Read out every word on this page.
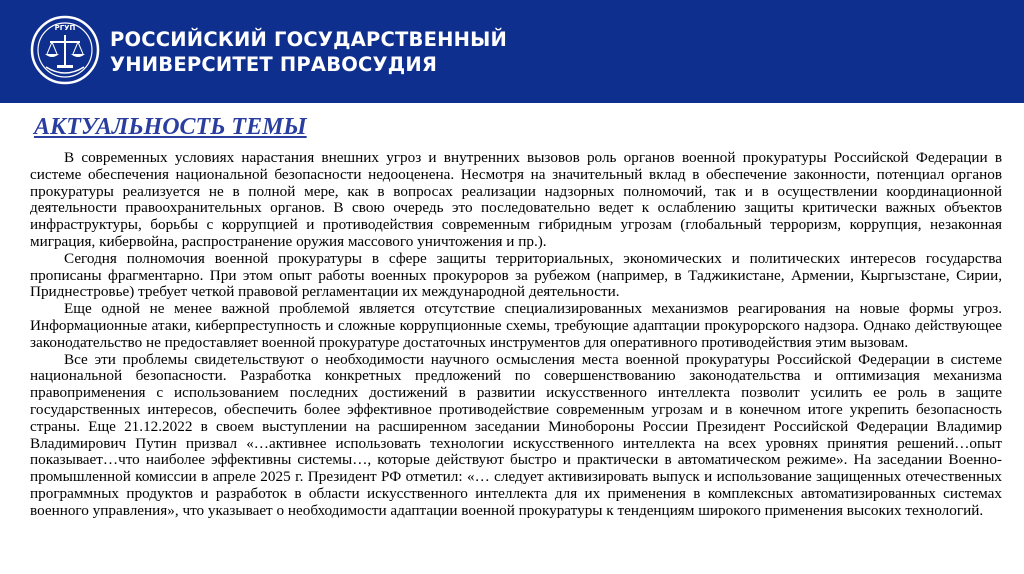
РГУП РОССИЙСКИЙ ГОСУДАРСТВЕННЫЙ
УНИВЕРСИТЕТ ПРАВОСУДИЯ
АКТУАЛЬНОСТЬ ТЕМЫ

В современных условиях нарастания внешних угроз и внутренних вызовов роль органов военной прокуратуры Российской Федерации в системе обеспечения национальной безопасности недооценена. Несмотря на значительный вклад в обеспечение законности, потенциал органов прокуратуры реализуется не в полной мере, как в вопросах реализации надзорных полномочий, так и в осуществлении координационной деятельности правоохранительных органов. В свою очередь это последовательно ведет к ослаблению защиты критически важных объектов инфраструктуры, борьбы с коррупцией и противодействия современным гибридным угрозам (глобальный терроризм, коррупция, незаконная миграция, кибервойна, распространение оружия массового уничтожения и пр.).

Сегодня полномочия военной прокуратуры в сфере защиты территориальных, экономических и политических интересов государства прописаны фрагментарно. При этом опыт работы военных прокуроров за рубежом (например, в Таджикистане, Армении, Кыргызстане, Сирии, Приднестровье) требует четкой правовой регламентации их международной деятельности.

Еще одной не менее важной проблемой является отсутствие специализированных механизмов реагирования на новые формы угроз. Информационные атаки, киберпреступность и сложные коррупционные схемы, требующие адаптации прокурорского надзора. Однако действующее законодательство не предоставляет военной прокуратуре достаточных инструментов для оперативного противодействия этим вызовам.

Все эти проблемы свидетельствуют о необходимости научного осмысления места военной прокуратуры Российской Федерации в системе национальной безопасности. Разработка конкретных предложений по совершенствованию законодательства и оптимизация механизма правоприменения с использованием последних достижений в развитии искусственного интеллекта позволит усилить ее роль в защите государственных интересов, обеспечить более эффективное противодействие современным угрозам и в конечном итоге укрепить безопасность страны. Еще 21.12.2022 в своем выступлении на расширенном заседании Минобороны России Президент Российской Федерации Владимир Владимирович Путин призвал «…активнее использовать технологии искусственного интеллекта на всех уровнях принятия решений…опыт показывает…что наиболее эффективны системы…, которые действуют быстро и практически в автоматическом режиме». На заседании Военно-промышленной комиссии в апреле 2025 г. Президент РФ отметил: «… следует активизировать выпуск и использование защищенных отечественных программных продуктов и разработок в области искусственного интеллекта для их применения в комплексных автоматизированных системах военного управления», что указывает о необходимости адаптации военной прокуратуры к тенденциям широкого применения высоких технологий.
